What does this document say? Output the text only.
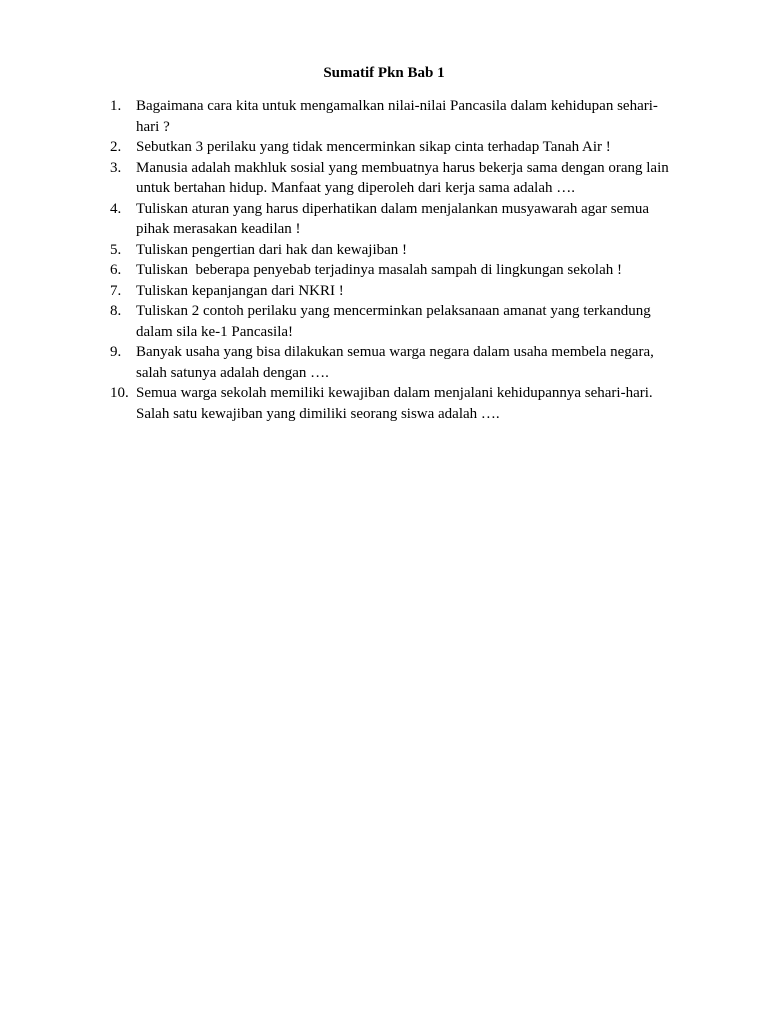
Sumatif Pkn Bab 1
1. Bagaimana cara kita untuk mengamalkan nilai-nilai Pancasila dalam kehidupan sehari-hari ?
2. Sebutkan 3 perilaku yang tidak mencerminkan sikap cinta terhadap Tanah Air !
3. Manusia adalah makhluk sosial yang membuatnya harus bekerja sama dengan orang lain untuk bertahan hidup. Manfaat yang diperoleh dari kerja sama adalah ….
4. Tuliskan aturan yang harus diperhatikan dalam menjalankan musyawarah agar semua pihak merasakan keadilan !
5. Tuliskan pengertian dari hak dan kewajiban !
6. Tuliskan  beberapa penyebab terjadinya masalah sampah di lingkungan sekolah !
7. Tuliskan kepanjangan dari NKRI !
8. Tuliskan 2 contoh perilaku yang mencerminkan pelaksanaan amanat yang terkandung dalam sila ke-1 Pancasila!
9. Banyak usaha yang bisa dilakukan semua warga negara dalam usaha membela negara, salah satunya adalah dengan ….
10. Semua warga sekolah memiliki kewajiban dalam menjalani kehidupannya sehari-hari. Salah satu kewajiban yang dimiliki seorang siswa adalah ….
